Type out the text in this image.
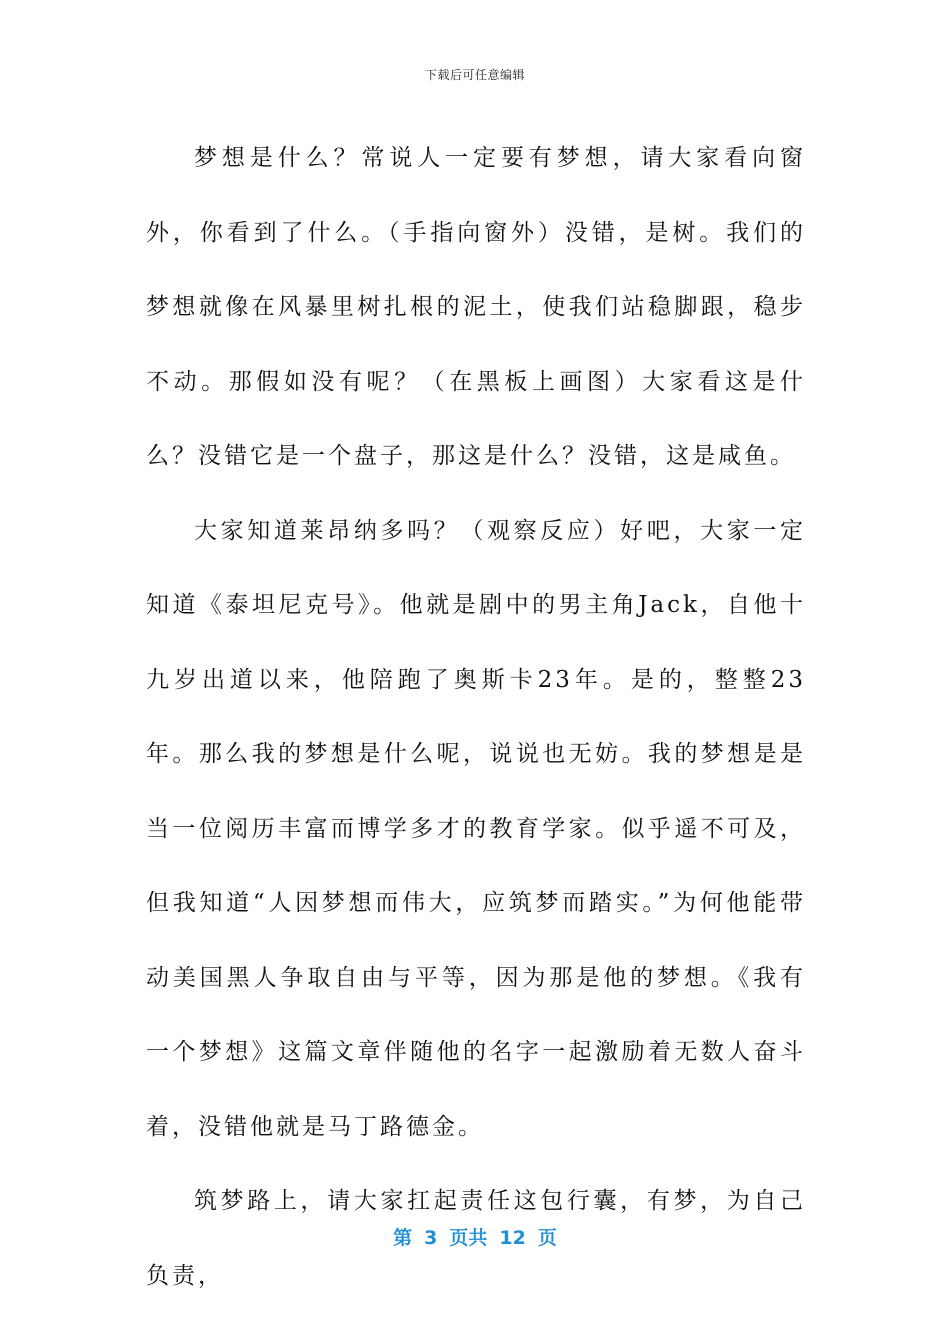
下载后可任意编辑

梦想是什么？常说人一定要有梦想，请大家看向窗外，你看到了什么。（手指向窗外）没错，是树。我们的梦想就像在风暴里树扎根的泥土，使我们站稳脚跟，稳步不动。那假如没有呢？（在黑板上画图）大家看这是什么？没错它是一个盘子，那这是什么？没错，这是咸鱼。

大家知道莱昂纳多吗？（观察反应）好吧，大家一定知道《泰坦尼克号》。他就是剧中的男主角Jack，自他十九岁出道以来，他陪跑了奥斯卡23年。是的，整整23年。那么我的梦想是什么呢，说说也无妨。我的梦想是是当一位阅历丰富而博学多才的教育学家。似乎遥不可及，但我知道“人因梦想而伟大，应筑梦而踏实。”为何他能带动美国黑人争取自由与平等，因为那是他的梦想。《我有一个梦想》这篇文章伴随他的名字一起激励着无数人奋斗着，没错他就是马丁路德金。

筑梦路上，请大家扛起责任这包行囊，有梦，为自己负责，

第 3 页共 12 页
